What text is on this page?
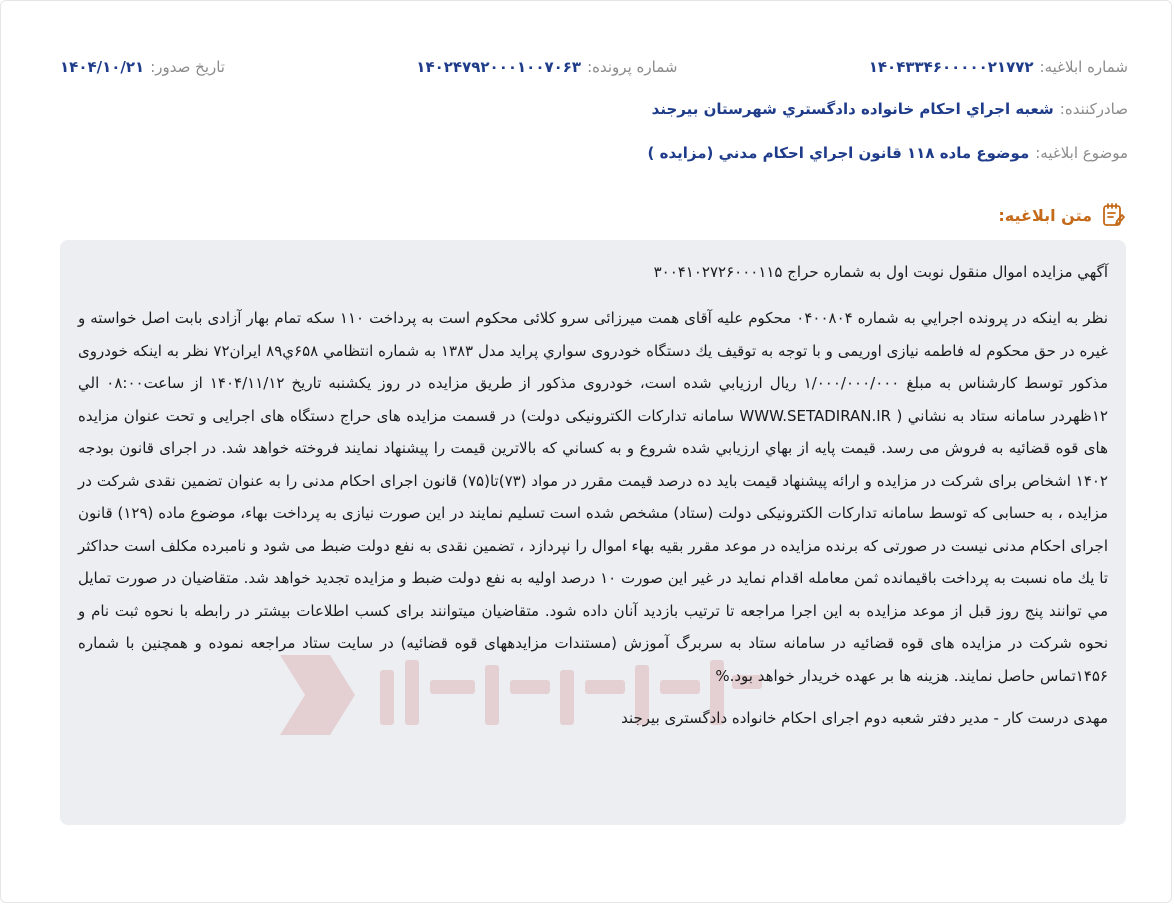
شماره ابلاغیه:
۱۴۰۴۳۳۴۶۰۰۰۰۰۲۱۷۷۲
شماره پرونده:
۱۴۰۲۴۷۹۲۰۰۰۱۰۰۷۰۶۳
تاریخ صدور:
۱۴۰۴/۱۰/۲۱
صادرکننده:
شعبه اجراي احكام خانواده دادگستري شهرستان بيرجند
موضوع ابلاغیه:
موضوع ماده ۱۱۸ قانون اجراي احكام مدني (مزايده )
متن ابلاغیه:

آگهي مزايده اموال منقول نوبت اول به شماره حراج ۳۰۰۴۱۰۲۷۲۶۰۰۰۱۱۵

نظر به اينكه در پرونده اجرايي به شماره ۰۴۰۰۸۰۴ محكوم عليه آقای همت میرزائی سرو کلائی محكوم است به پرداخت ۱۱۰ سكه تمام بهار آزادی بابت اصل خواسته و غيره در حق محكوم له فاطمه نیازی اوریمی و با توجه به توقيف يك دستگاه خودروی سواري پرايد مدل ۱۳۸۳ به شماره انتظامي ۶۵۸ي۸۹ ايران۷۲ نظر به اينكه خودروی مذكور توسط كارشناس به مبلغ ۱/۰۰۰/۰۰۰/۰۰۰ ريال ارزيابي شده است، خودروی مذكور از طريق مزايده در روز يكشنبه تاريخ ۱۴۰۴/۱۱/۱۲ از ساعت۰۸:۰۰ الي ۱۲ظهردر سامانه ستاد به نشاني ( WWW.SETADIRAN.IR سامانه تداركات الكترونيكی دولت) در قسمت مزايده های حراج دستگاه های اجرايی و تحت عنوان مزايده های قوه قضائيه به فروش می رسد. قيمت پايه از بهاي ارزيابي شده شروع و به كساني كه بالاترين قيمت را پيشنهاد نمايند فروخته خواهد شد. در اجرای قانون بودجه ۱۴۰۲ اشخاص برای شركت در مزايده و ارائه پيشنهاد قيمت بايد ده درصد قيمت مقرر در مواد (۷۳)تا(۷۵) قانون اجرای احكام مدنی را به عنوان تضمين نقدی شركت در مزايده ، به حسابی كه توسط سامانه تداركات الكترونيكی دولت (ستاد) مشخص شده است تسليم نمايند در اين صورت نيازی به پرداخت بهاء، موضوع ماده (۱۲۹) قانون اجرای احكام مدنی نيست در صورتی كه برنده مزايده در موعد مقرر بقيه بهاء اموال را نپردازد ، تضمين نقدی به نفع دولت ضبط می شود و نامبرده مكلف است حداكثر تا يك ماه نسبت به پرداخت باقيمانده ثمن معامله اقدام نمايد در غير اين صورت ۱۰ درصد اوليه به نفع دولت ضبط و مزايده تجديد خواهد شد. متقاضيان در صورت تمايل مي توانند پنج روز قبل از موعد مزايده به اين اجرا مراجعه تا ترتيب بازديد آنان داده شود. متقاضيان ميتوانند برای كسب اطلاعات بيشتر در رابطه با نحوه ثبت نام و نحوه شركت در مزايده های قوه قضائيه در سامانه ستاد به سربرگ آموزش (مستندات مزايدههای قوه قضائيه) در سايت ستاد مراجعه نموده و همچنين با شماره ۱۴۵۶تماس حاصل نمايند. هزينه ها بر عهده خريدار خواهد بود.%

مهدی درست کار - مدير دفتر شعبه دوم اجرای احکام خانواده دادگستری بيرجند
